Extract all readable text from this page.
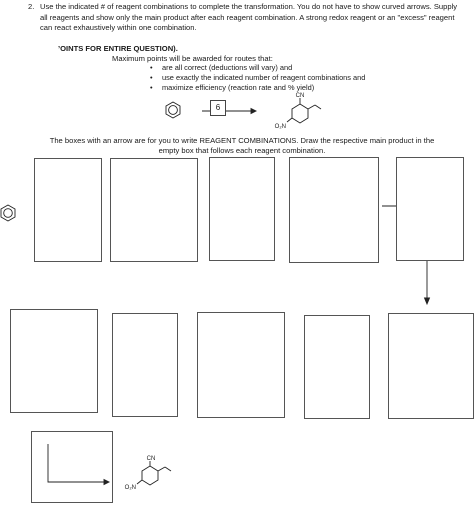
2. Use the indicated # of reagent combinations to complete the transformation. You do not have to show curved arrows. Supply all reagents and show only the main product after each reagent combination. A strong redox reagent or an "excess" reagent can react exhaustively within one combination.
’OINTS FOR ENTIRE QUESTION).
Maximum points will be awarded for routes that:
• are all correct (deductions will vary) and
• use exactly the indicated number of reagent combinations and
• maximize efficiency (reaction rate and % yield)
CN
O₂N
CN
O₂N
6
The boxes with an arrow are for you to write REAGENT COMBINATIONS. Draw the respective main product in the empty box that follows each reagent combination.
